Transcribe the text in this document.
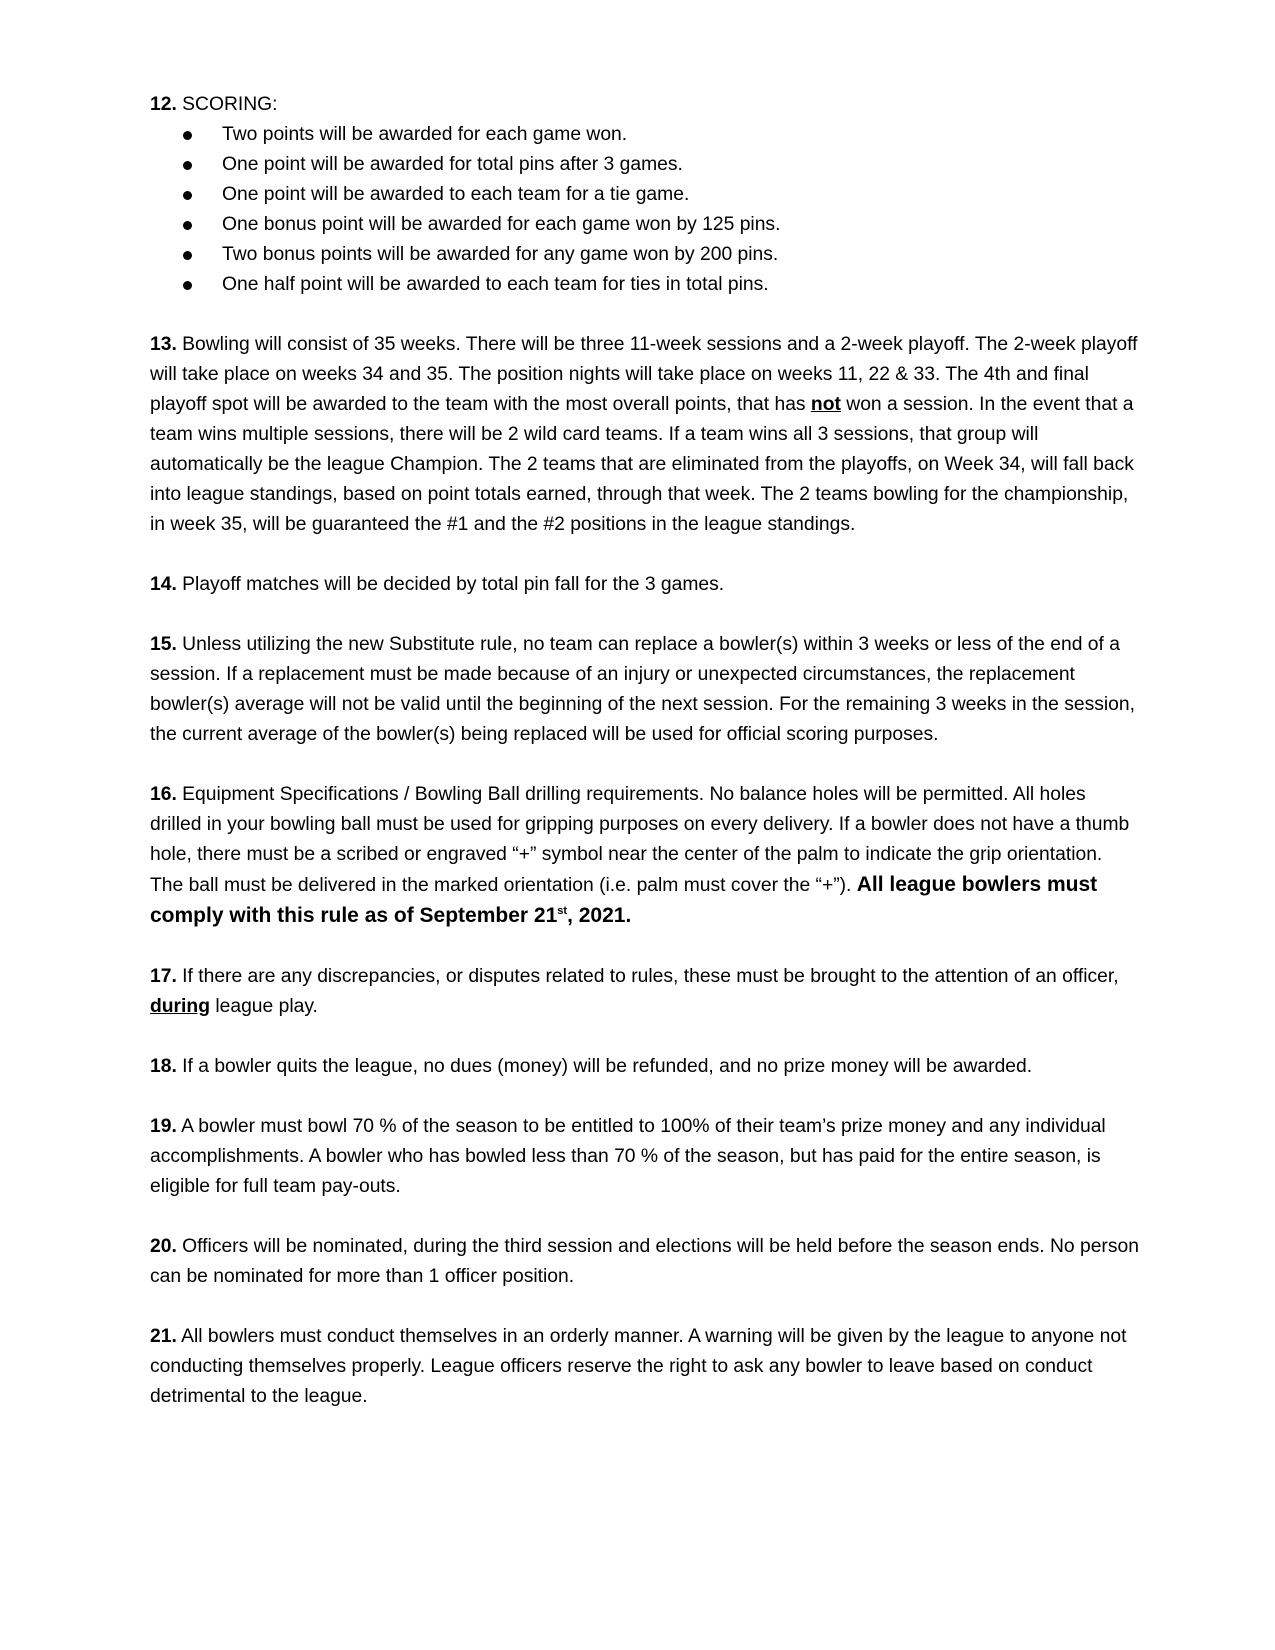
12. SCORING:

Two points will be awarded for each game won.
One point will be awarded for total pins after 3 games.
One point will be awarded to each team for a tie game.
One bonus point will be awarded for each game won by 125 pins.
Two bonus points will be awarded for any game won by 200 pins.
One half point will be awarded to each team for ties in total pins.

13. Bowling will consist of 35 weeks. There will be three 11-week sessions and a 2-week playoff. The 2-week playoff will take place on weeks 34 and 35. The position nights will take place on weeks 11, 22 & 33. The 4th and final playoff spot will be awarded to the team with the most overall points, that has not won a session. In the event that a team wins multiple sessions, there will be 2 wild card teams. If a team wins all 3 sessions, that group will automatically be the league Champion. The 2 teams that are eliminated from the playoffs, on Week 34, will fall back into league standings, based on point totals earned, through that week. The 2 teams bowling for the championship, in week 35, will be guaranteed the #1 and the #2 positions in the league standings.

14. Playoff matches will be decided by total pin fall for the 3 games.

15. Unless utilizing the new Substitute rule, no team can replace a bowler(s) within 3 weeks or less of the end of a session. If a replacement must be made because of an injury or unexpected circumstances, the replacement bowler(s) average will not be valid until the beginning of the next session. For the remaining 3 weeks in the session, the current average of the bowler(s) being replaced will be used for official scoring purposes.

16. Equipment Specifications / Bowling Ball drilling requirements. No balance holes will be permitted. All holes drilled in your bowling ball must be used for gripping purposes on every delivery. If a bowler does not have a thumb hole, there must be a scribed or engraved “+” symbol near the center of the palm to indicate the grip orientation. The ball must be delivered in the marked orientation (i.e. palm must cover the “+”). All league bowlers must comply with this rule as of September 21st, 2021.

17. If there are any discrepancies, or disputes related to rules, these must be brought to the attention of an officer, during league play.

18. If a bowler quits the league, no dues (money) will be refunded, and no prize money will be awarded.

19. A bowler must bowl 70 % of the season to be entitled to 100% of their team’s prize money and any individual accomplishments. A bowler who has bowled less than 70 % of the season, but has paid for the entire season, is eligible for full team pay-outs.

20. Officers will be nominated, during the third session and elections will be held before the season ends. No person can be nominated for more than 1 officer position.

21. All bowlers must conduct themselves in an orderly manner. A warning will be given by the league to anyone not conducting themselves properly. League officers reserve the right to ask any bowler to leave based on conduct detrimental to the league.
